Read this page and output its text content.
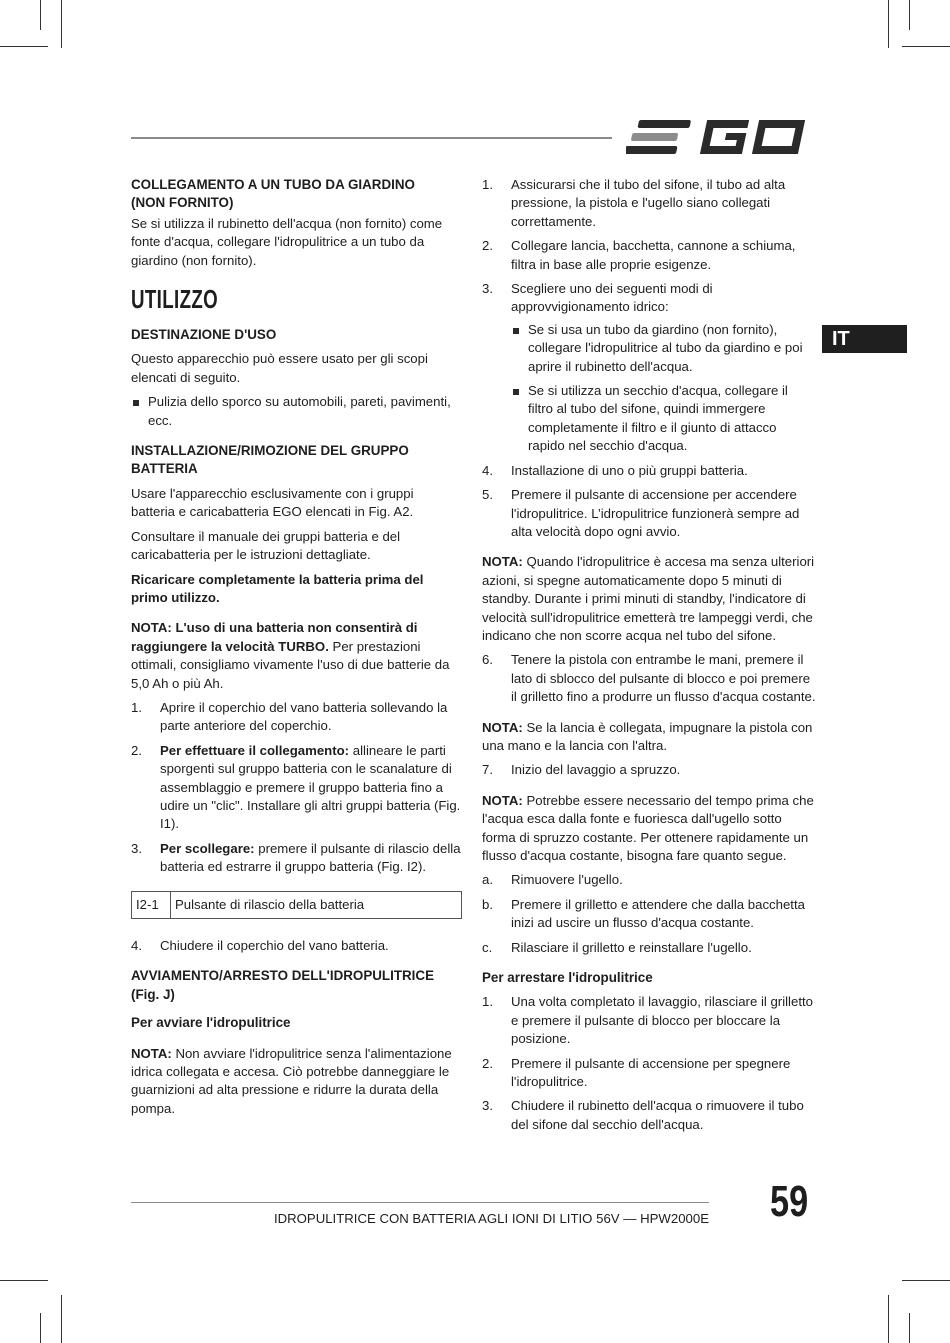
IT
COLLEGAMENTO A UN TUBO DA GIARDINO
(NON FORNITO)

Se si utilizza il rubinetto dell'acqua (non fornito) come fonte d'acqua, collegare l'idropulitrice a un tubo da giardino (non fornito).

UTILIZZO
DESTINAZIONE D'USO

Questo apparecchio può essere usato per gli scopi elencati di seguito.

Pulizia dello sporco su automobili, pareti, pavimenti, ecc.
INSTALLAZIONE/RIMOZIONE DEL GRUPPO
BATTERIA

Usare l'apparecchio esclusivamente con i gruppi batteria e caricabatteria EGO elencati in Fig. A2.

Consultare il manuale dei gruppi batteria e del caricabatteria per le istruzioni dettagliate.

Ricaricare completamente la batteria prima del primo utilizzo.

NOTA: L'uso di una batteria non consentirà di raggiungere la velocità TURBO. Per prestazioni ottimali, consigliamo vivamente l'uso di due batterie da 5,0 Ah o più Ah.

1. Aprire il coperchio del vano batteria sollevando la parte anteriore del coperchio.
2. Per effettuare il collegamento: allineare le parti sporgenti sul gruppo batteria con le scanalature di assemblaggio e premere il gruppo batteria fino a udire un "clic". Installare gli altri gruppi batteria (Fig. I1).
3. Per scollegare: premere il pulsante di rilascio della batteria ed estrarre il gruppo batteria (Fig. I2).
I2-1	Pulsante di rilascio della batteria
4. Chiudere il coperchio del vano batteria.
AVVIAMENTO/ARRESTO DELL'IDROPULITRICE
(Fig. J)
Per avviare l'idropulitrice

NOTA: Non avviare l'idropulitrice senza l'alimentazione idrica collegata e accesa. Ciò potrebbe danneggiare le guarnizioni ad alta pressione e ridurre la durata della pompa.

1. Assicurarsi che il tubo del sifone, il tubo ad alta pressione, la pistola e l'ugello siano collegati correttamente.
2. Collegare lancia, bacchetta, cannone a schiuma, filtra in base alle proprie esigenze.
3. Scegliere uno dei seguenti modi di approvvigionamento idrico:
Se si usa un tubo da giardino (non fornito), collegare l'idropulitrice al tubo da giardino e poi aprire il rubinetto dell'acqua.
Se si utilizza un secchio d'acqua, collegare il filtro al tubo del sifone, quindi immergere completamente il filtro e il giunto di attacco rapido nel secchio d'acqua.
4. Installazione di uno o più gruppi batteria.
5. Premere il pulsante di accensione per accendere l'idropulitrice. L’idropulitrice funzionerà sempre ad alta velocità dopo ogni avvio.

NOTA: Quando l'idropulitrice è accesa ma senza ulteriori azioni, si spegne automaticamente dopo 5 minuti di standby. Durante i primi minuti di standby, l'indicatore di velocità sull'idropulitrice emetterà tre lampeggi verdi, che indicano che non scorre acqua nel tubo del sifone.

6. Tenere la pistola con entrambe le mani, premere il lato di sblocco del pulsante di blocco e poi premere il grilletto fino a produrre un flusso d'acqua costante.

NOTA: Se la lancia è collegata, impugnare la pistola con una mano e la lancia con l'altra.

7. Inizio del lavaggio a spruzzo.

NOTA: Potrebbe essere necessario del tempo prima che l'acqua esca dalla fonte e fuoriesca dall'ugello sotto forma di spruzzo costante. Per ottenere rapidamente un flusso d'acqua costante, bisogna fare quanto segue.

a. Rimuovere l'ugello.
b. Premere il grilletto e attendere che dalla bacchetta inizi ad uscire un flusso d'acqua costante.
c. Rilasciare il grilletto e reinstallare l'ugello.
Per arrestare l'idropulitrice
1. Una volta completato il lavaggio, rilasciare il grilletto e premere il pulsante di blocco per bloccare la posizione.
2. Premere il pulsante di accensione per spegnere l'idropulitrice.
3. Chiudere il rubinetto dell'acqua o rimuovere il tubo del sifone dal secchio dell'acqua.
IDROPULITRICE CON BATTERIA AGLI IONI DI LITIO 56V — HPW2000E 59
